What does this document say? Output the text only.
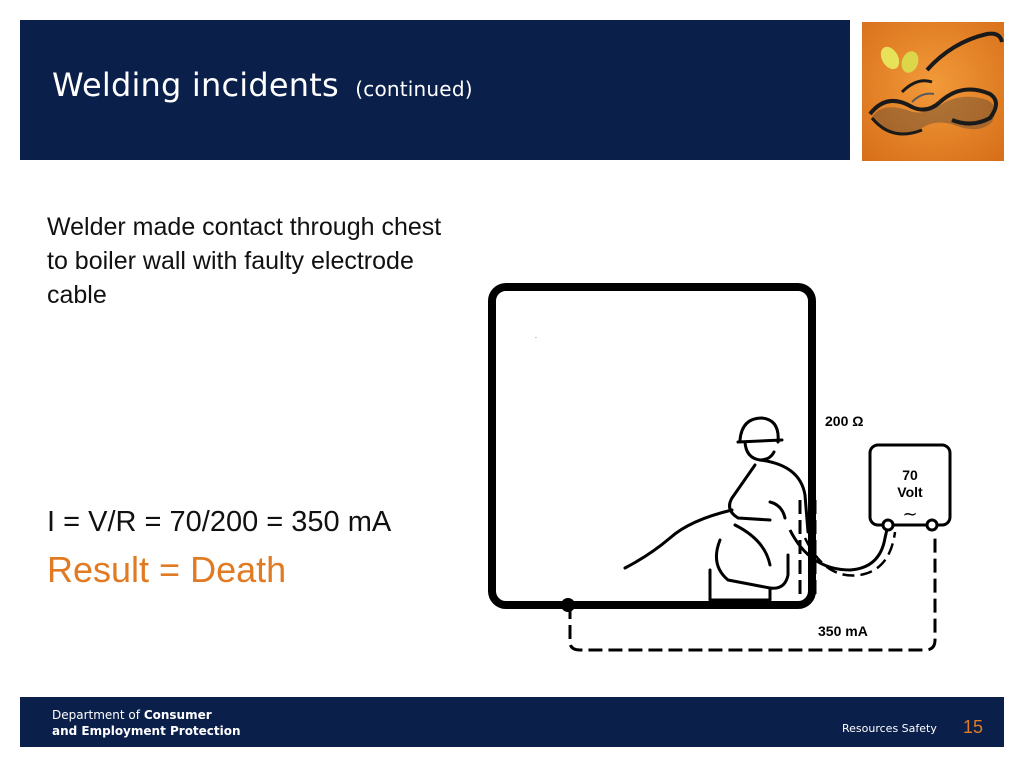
Welding incidents (continued)
Welder made contact through chest to boiler wall with faulty electrode cable
I = V/R = 70/200 = 350 mA
Result = Death
70
Volt
~
200 Ω
350 mA
.
Department of Consumer
and Employment Protection	Resources Safety 15
